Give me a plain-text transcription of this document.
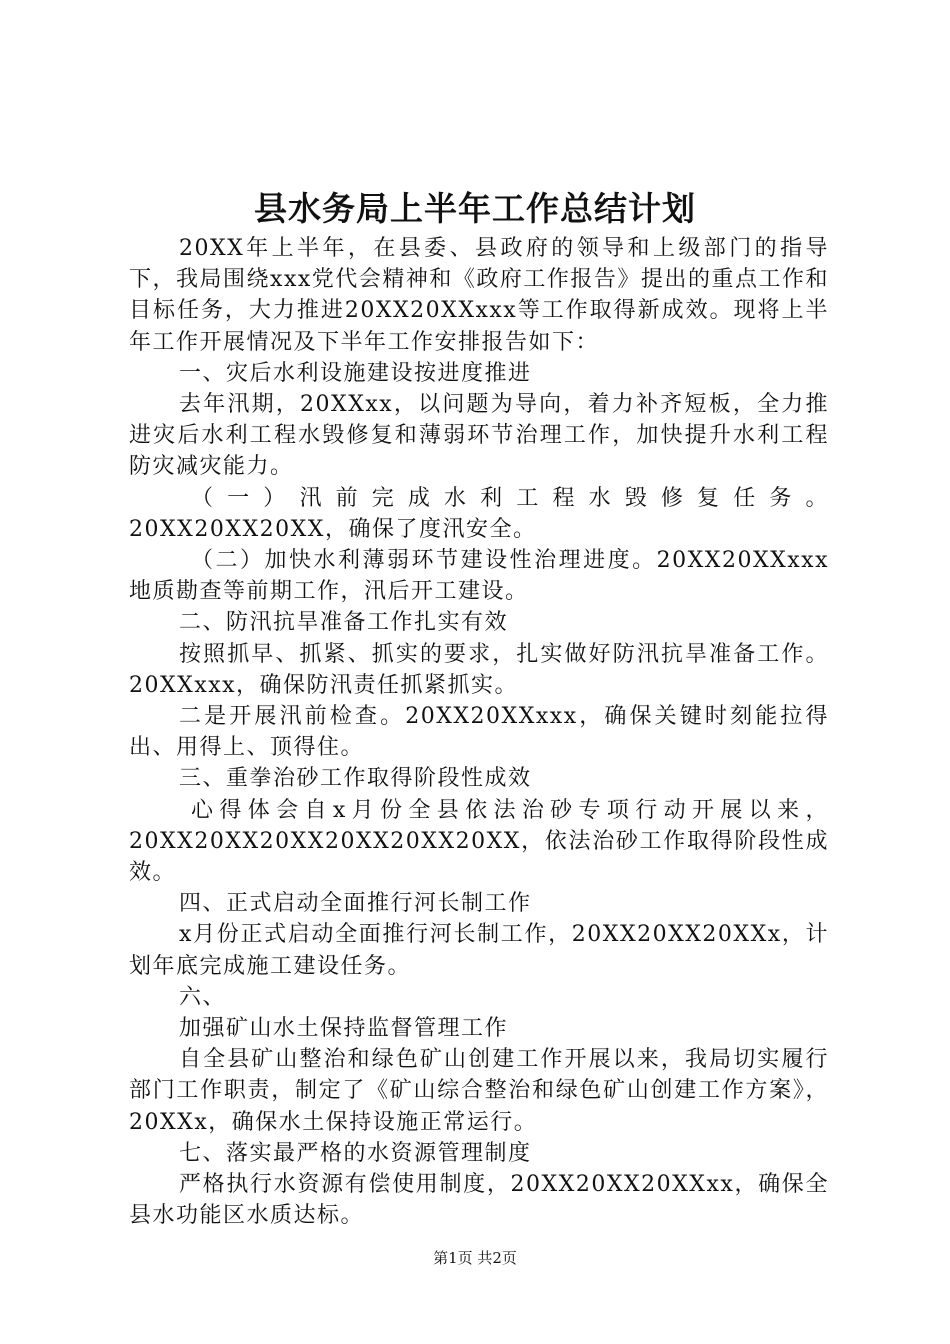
县水务局上半年工作总结计划

20XX年上半年，在县委、县政府的领导和上级部门的指导下，我局围绕xxx党代会精神和《政府工作报告》提出的重点工作和目标任务，大力推进20XX20XXxxx等工作取得新成效。现将上半年工作开展情况及下半年工作安排报告如下：

一、灾后水利设施建设按进度推进

去年汛期，20XXxx，以问题为导向，着力补齐短板，全力推进灾后水利工程水毁修复和薄弱环节治理工作，加快提升水利工程防灾减灾能力。

（一）汛前完成水利工程水毁修复任务。20XX20XX20XX，确保了度汛安全。

（二）加快水利薄弱环节建设性治理进度。20XX20XXxxx地质勘查等前期工作，汛后开工建设。

二、防汛抗旱准备工作扎实有效

按照抓早、抓紧、抓实的要求，扎实做好防汛抗旱准备工作。20XXxxx，确保防汛责任抓紧抓实。

二是开展汛前检查。20XX20XXxxx，确保关键时刻能拉得出、用得上、顶得住。

三、重拳治砂工作取得阶段性成效

心得体会自x月份全县依法治砂专项行动开展以来，20XX20XX20XX20XX20XX20XX，依法治砂工作取得阶段性成效。

四、正式启动全面推行河长制工作

x月份正式启动全面推行河长制工作，20XX20XX20XXx，计划年底完成施工建设任务。

六、

加强矿山水土保持监督管理工作

自全县矿山整治和绿色矿山创建工作开展以来，我局切实履行部门工作职责，制定了《矿山综合整治和绿色矿山创建工作方案》，20XXx，确保水土保持设施正常运行。

七、落实最严格的水资源管理制度

严格执行水资源有偿使用制度，20XX20XX20XXxx，确保全县水功能区水质达标。

第1页 共2页
